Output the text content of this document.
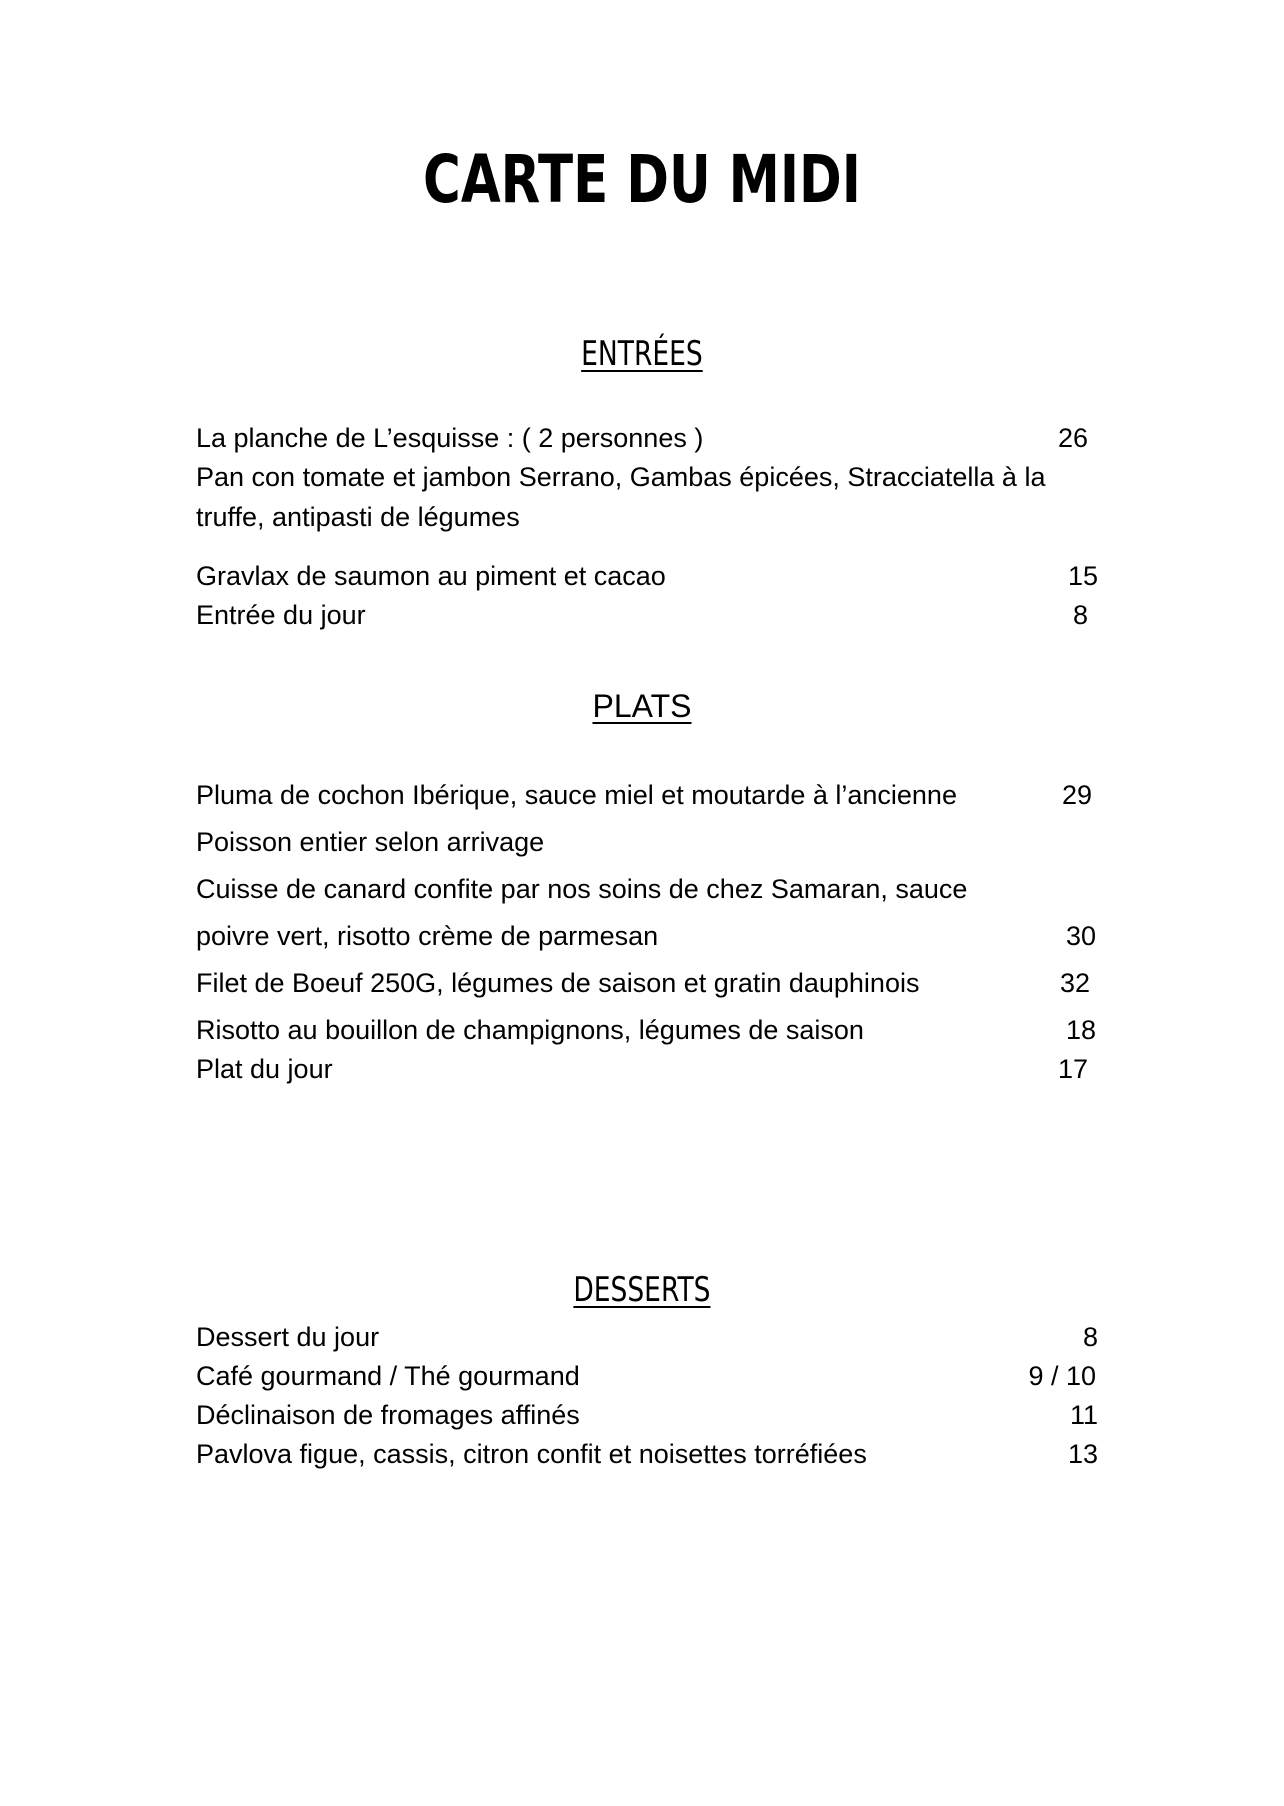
CARTE DU MIDI
ENTRÉES
La planche de L’esquisse : ( 2 personnes )	26
Pan con tomate et jambon Serrano, Gambas épicées, Stracciatella à la truffe, antipasti de légumes
Gravlax de saumon au piment et cacao	15
Entrée du jour	8
PLATS
Pluma de cochon Ibérique, sauce miel et moutarde à l’ancienne	29
Poisson entier selon arrivage
Cuisse de canard confite par nos soins de chez Samaran, sauce
poivre vert, risotto crème de parmesan	30
Filet de Boeuf 250G, légumes de saison et gratin dauphinois	32
Risotto au bouillon de champignons, légumes de saison	18
Plat du jour	17
DESSERTS
Dessert du jour	8
Café gourmand / Thé gourmand	9 / 10
Déclinaison de fromages affinés	11
Pavlova figue, cassis, citron confit et noisettes torréfiées	13
